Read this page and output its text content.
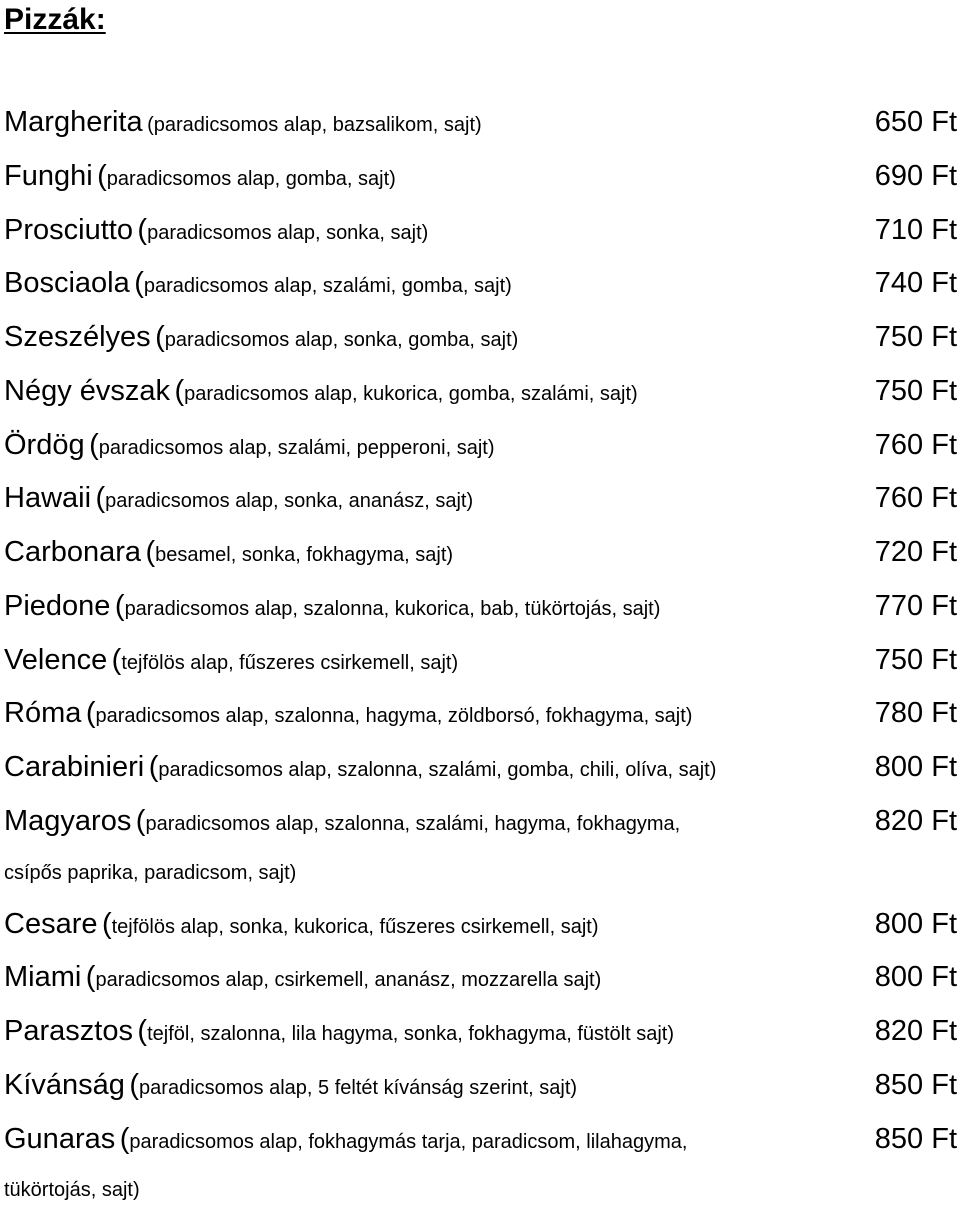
Pizzák:
Margherita (paradicsomos alap, bazsalikom, sajt)	650 Ft
Funghi (paradicsomos alap, gomba, sajt)	690 Ft
Prosciutto (paradicsomos alap, sonka, sajt)	710 Ft
Bosciaola (paradicsomos alap, szalámi, gomba, sajt)	740 Ft
Szeszélyes (paradicsomos alap, sonka, gomba, sajt)	750 Ft
Négy évszak (paradicsomos alap, kukorica, gomba, szalámi, sajt)	750 Ft
Ördög (paradicsomos alap, szalámi, pepperoni, sajt)	760 Ft
Hawaii (paradicsomos alap, sonka, ananász, sajt)	760 Ft
Carbonara (besamel, sonka, fokhagyma, sajt)	720 Ft
Piedone (paradicsomos alap, szalonna, kukorica, bab, tükörtojás, sajt)	770 Ft
Velence (tejfölös alap, fűszeres csirkemell, sajt)	750 Ft
Róma (paradicsomos alap, szalonna, hagyma, zöldborsó, fokhagyma, sajt)	780 Ft
Carabinieri (paradicsomos alap, szalonna, szalámi, gomba, chili, olíva, sajt)	800 Ft
Magyaros (paradicsomos alap, szalonna, szalámi, hagyma, fokhagyma,	820 Ft
csípős paprika, paradicsom, sajt)
Cesare (tejfölös alap, sonka, kukorica, fűszeres csirkemell, sajt)	800 Ft
Miami (paradicsomos alap, csirkemell, ananász, mozzarella sajt)	800 Ft
Parasztos (tejföl, szalonna, lila hagyma, sonka, fokhagyma, füstölt sajt)	820 Ft
Kívánság (paradicsomos alap, 5 feltét kívánság szerint, sajt)	850 Ft
Gunaras (paradicsomos alap, fokhagymás tarja, paradicsom, lilahagyma,	850 Ft
tükörtojás, sajt)
